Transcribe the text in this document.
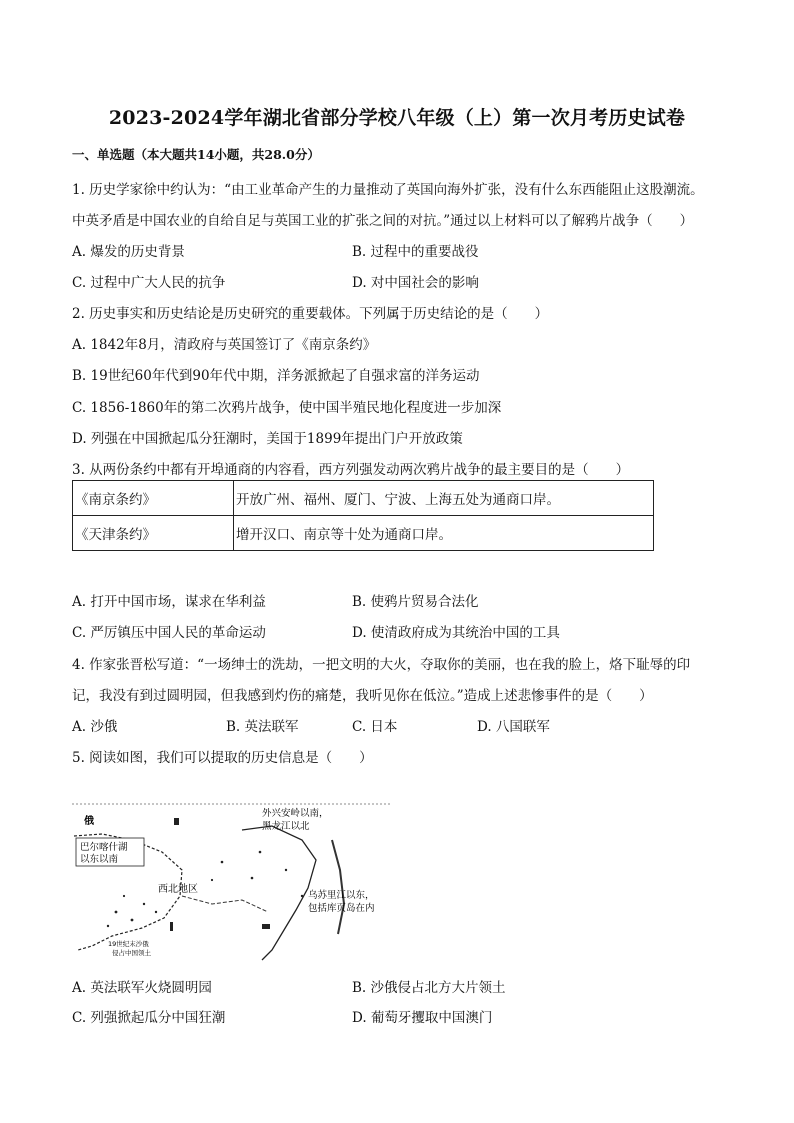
2023-2024学年湖北省部分学校八年级（上）第一次月考历史试卷
一、单选题（本大题共14小题，共28.0分）
1. 历史学家徐中约认为：“由工业革命产生的力量推动了英国向海外扩张，没有什么东西能阻止这股潮流。
中英矛盾是中国农业的自给自足与英国工业的扩张之间的对抗。”通过以上材料可以了解鸦片战争（　　）
A. 爆发的历史背景	B. 过程中的重要战役
C. 过程中广大人民的抗争	D. 对中国社会的影响
2. 历史事实和历史结论是历史研究的重要载体。下列属于历史结论的是（　　）
A. 1842年8月，清政府与英国签订了《南京条约》
B. 19世纪60年代到90年代中期，洋务派掀起了自强求富的洋务运动
C. 1856-1860年的第二次鸦片战争，使中国半殖民地化程度进一步加深
D. 列强在中国掀起瓜分狂潮时，美国于1899年提出门户开放政策
3. 从两份条约中都有开埠通商的内容看，西方列强发动两次鸦片战争的最主要目的是（　　）
《南京条约》	开放广州、福州、厦门、宁波、上海五处为通商口岸。
《天津条约》	增开汉口、南京等十处为通商口岸。
A. 打开中国市场，谋求在华利益	B. 使鸦片贸易合法化
C. 严厉镇压中国人民的革命运动	D. 使清政府成为其统治中国的工具
4. 作家张晋松写道：“一场绅士的洗劫，一把文明的大火，夺取你的美丽，也在我的脸上，烙下耻辱的印
记，我没有到过圆明园，但我感到灼伤的痛楚，我听见你在低泣。”造成上述悲惨事件的是（　　）
A. 沙俄	B. 英法联军	C. 日本	D. 八国联军
5. 阅读如图，我们可以提取的历史信息是（　　）
俄
巴尔喀什湖
以东以南
外兴安岭以南，
黑龙江以北
西北地区
乌苏里江以东，
包括库页岛在内
19世纪末沙俄
侵占中国领土
A. 英法联军火烧圆明园	B. 沙俄侵占北方大片领土
C. 列强掀起瓜分中国狂潮	D. 葡萄牙攫取中国澳门
